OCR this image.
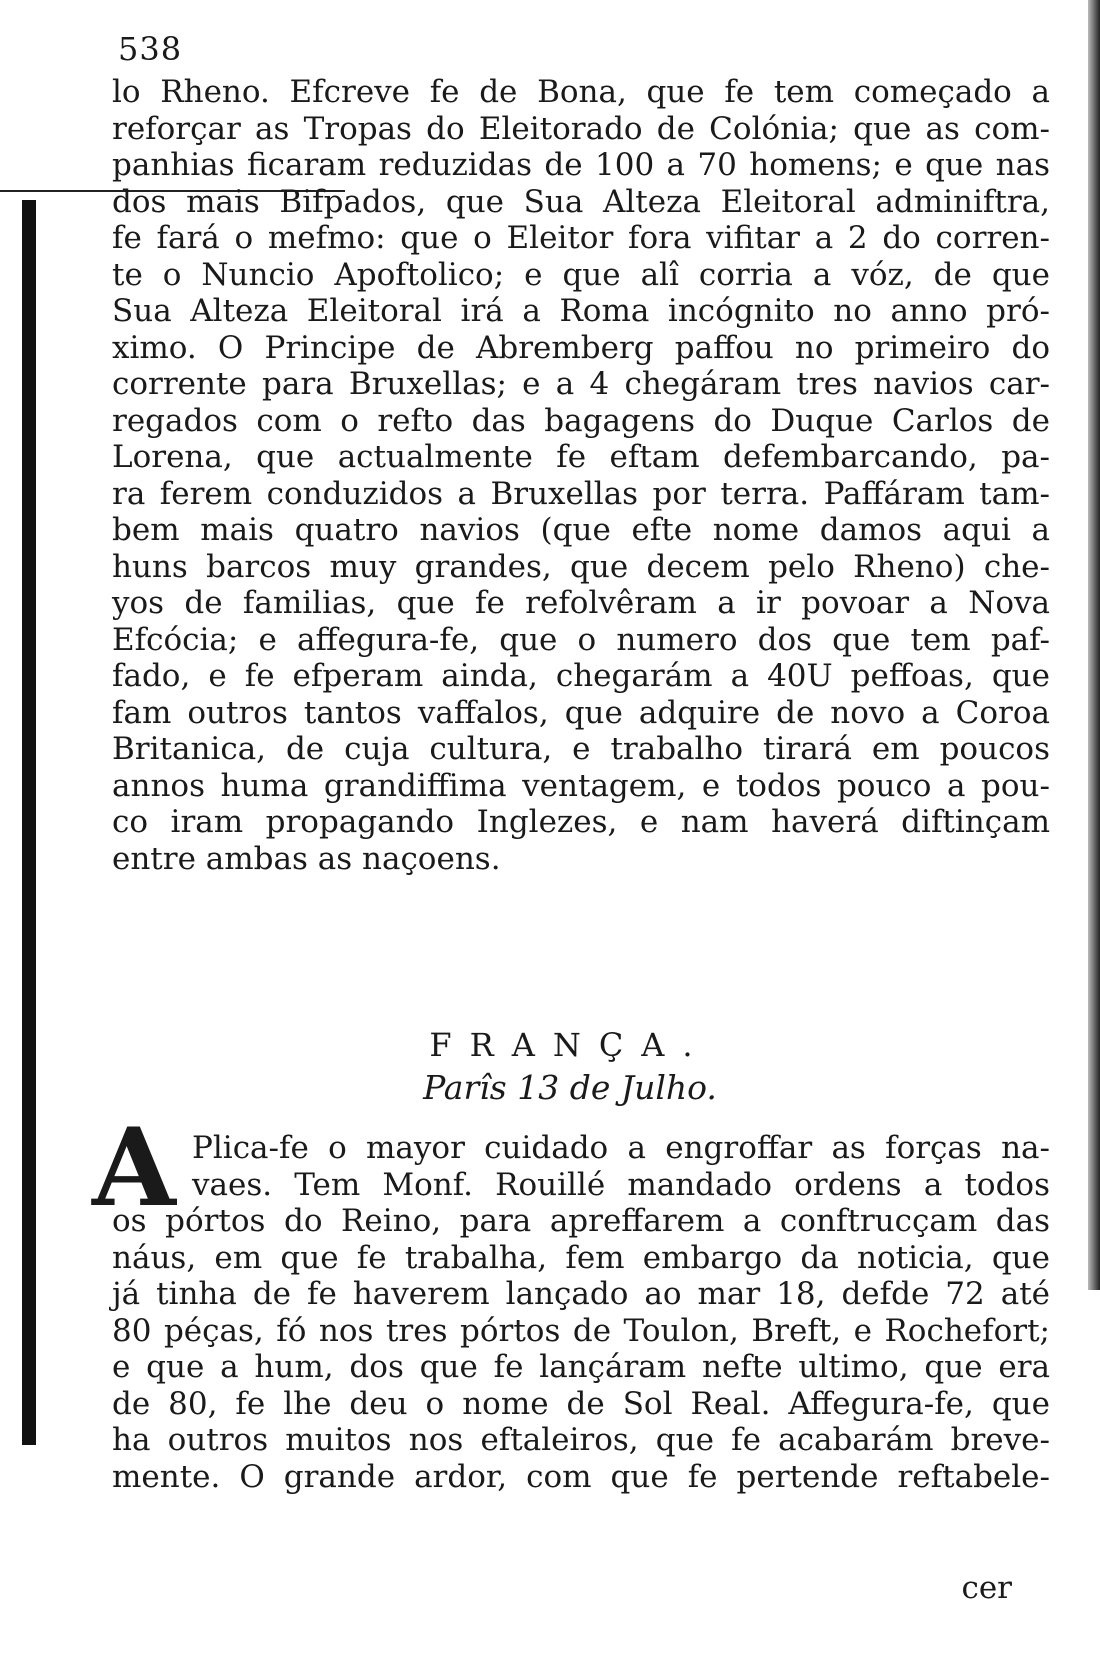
538
lo Rheno. Efcreve fe de Bona, que fe tem começado a
reforçar as Tropas do Eleitorado de Colónia; que as com-
panhias ficaram reduzidas de 100 a 70 homens; e que nas
dos mais Bifpados, que Sua Alteza Eleitoral adminiftra,
fe fará o mefmo: que o Eleitor fora vifitar a 2 do corren-
te o Nuncio Apoftolico; e que alî corria a vóz, de que
Sua Alteza Eleitoral irá a Roma incógnito no anno pró-
ximo. O Principe de Abremberg paffou no primeiro do
corrente para Bruxellas; e a 4 chegáram tres navios car-
regados com o refto das bagagens do Duque Carlos de
Lorena, que actualmente fe eftam defembarcando, pa-
ra ferem conduzidos a Bruxellas por terra. Paffáram tam-
bem mais quatro navios (que efte nome damos aqui a
huns barcos muy grandes, que decem pelo Rheno) che-
yos de familias, que fe refolvêram a ir povoar a Nova
Efcócia; e affegura-fe, que o numero dos que tem paf-
fado, e fe efperam ainda, chegarám a 40U peffoas, que
fam outros tantos vaffalos, que adquire de novo a Coroa
Britanica, de cuja cultura, e trabalho tirará em poucos
annos huma grandiffima ventagem, e todos pouco a pou-
co iram propagando Inglezes, e nam haverá diftinçam
entre ambas as naçoens.
FRANÇA.
Parîs 13 de Julho.
A Plica-fe o mayor cuidado a engroffar as forças na-
vaes. Tem Monf. Rouillé mandado ordens a todos
os pórtos do Reino, para apreffarem a conftrucçam das
náus, em que fe trabalha, fem embargo da noticia, que
já tinha de fe haverem lançado ao mar 18, defde 72 até
80 péças, fó nos tres pórtos de Toulon, Breft, e Rochefort;
e que a hum, dos que fe lançáram nefte ultimo, que era
de 80, fe lhe deu o nome de Sol Real. Affegura-fe, que
ha outros muitos nos eftaleiros, que fe acabarám breve-
mente. O grande ardor, com que fe pertende reftabele-
cer
